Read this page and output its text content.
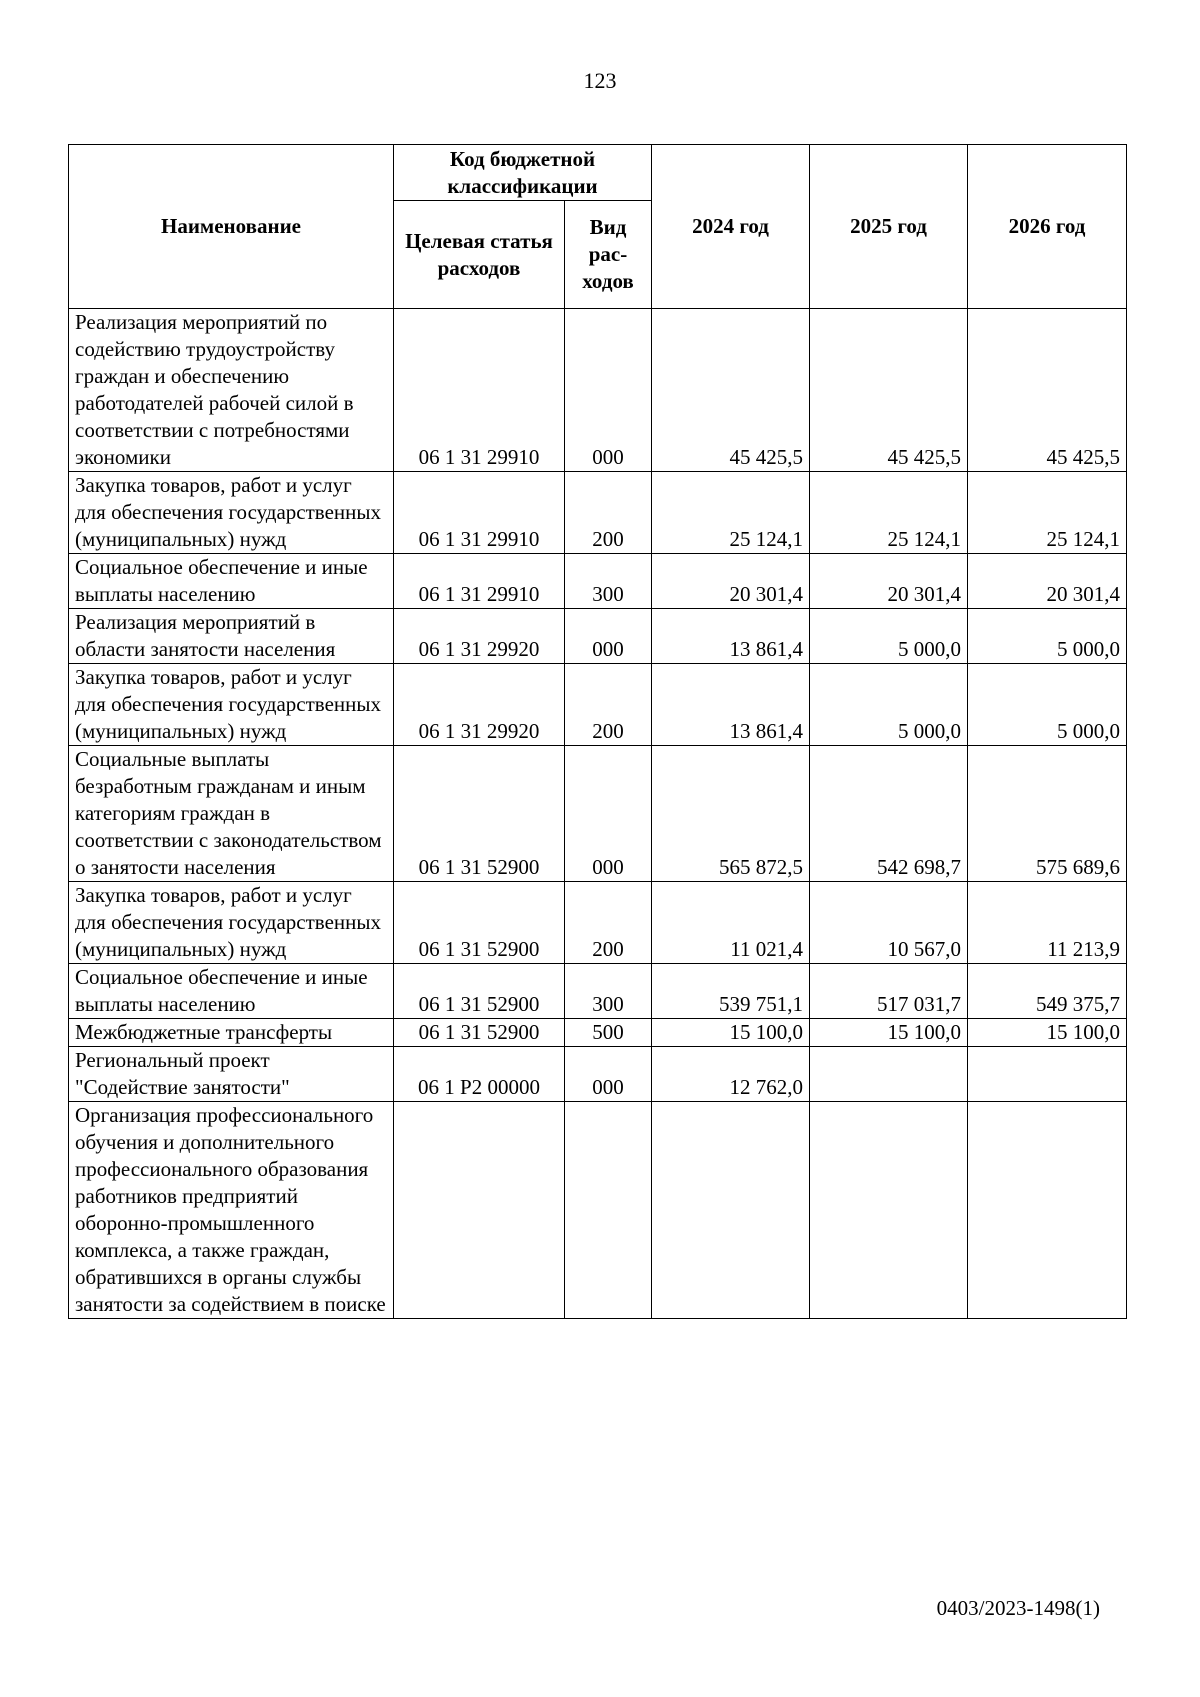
123
Наименование	Код бюджетной классификации		2024 год	2025 год	2026 год
	Целевая статья расходов	Вид рас-ходов			
Реализация мероприятий по содействию трудоустройству граждан и обеспечению работодателей рабочей силой в соответствии с потребностями экономики	06 1 31 29910	000	45 425,5	45 425,5	45 425,5
Закупка товаров, работ и услуг для обеспечения государственных (муниципальных) нужд	06 1 31 29910	200	25 124,1	25 124,1	25 124,1
Социальное обеспечение и иные выплаты населению	06 1 31 29910	300	20 301,4	20 301,4	20 301,4
Реализация мероприятий в области занятости населения	06 1 31 29920	000	13 861,4	5 000,0	5 000,0
Закупка товаров, работ и услуг для обеспечения государственных (муниципальных) нужд	06 1 31 29920	200	13 861,4	5 000,0	5 000,0
Социальные выплаты безработным гражданам и иным категориям граждан в соответствии с законодательством о занятости населения	06 1 31 52900	000	565 872,5	542 698,7	575 689,6
Закупка товаров, работ и услуг для обеспечения государственных (муниципальных) нужд	06 1 31 52900	200	11 021,4	10 567,0	11 213,9
Социальное обеспечение и иные выплаты населению	06 1 31 52900	300	539 751,1	517 031,7	549 375,7
Межбюджетные трансферты	06 1 31 52900	500	15 100,0	15 100,0	15 100,0
Региональный проект "Содействие занятости"	06 1 P2 00000	000	12 762,0		
Организация профессионального обучения и дополнительного профессионального образования работников предприятий оборонно-промышленного комплекса, а также граждан, обратившихся в органы службы занятости за содействием в поиске					
0403/2023-1498(1)
